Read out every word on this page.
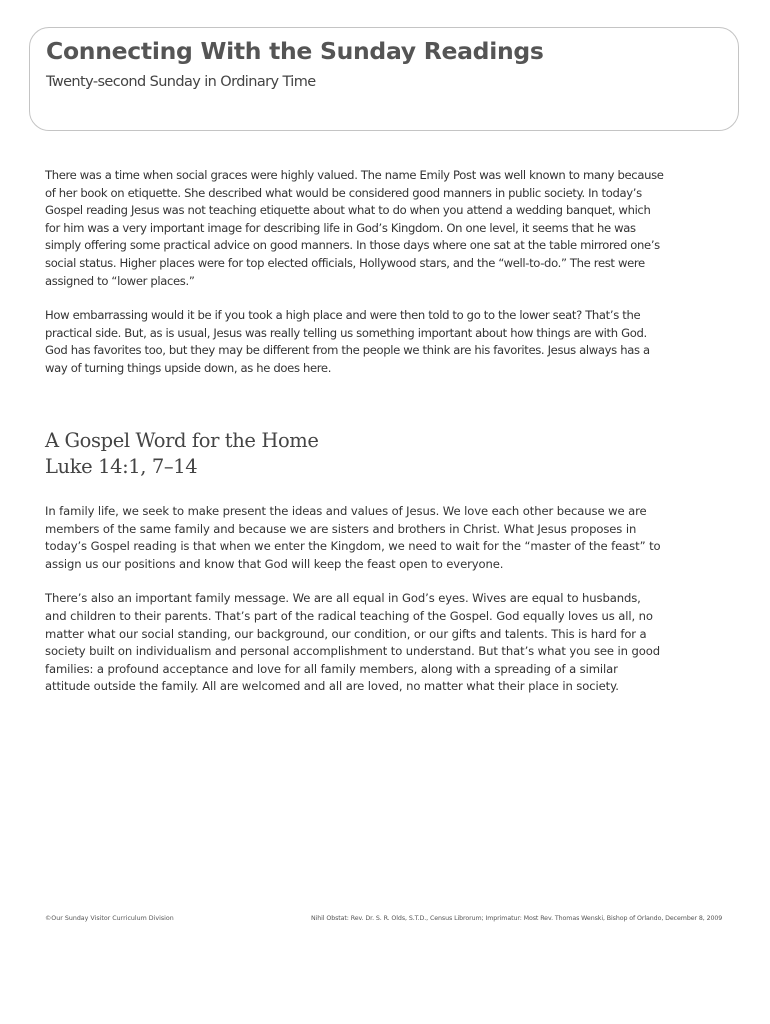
Connecting With the Sunday Readings
Twenty-second Sunday in Ordinary Time

There was a time when social graces were highly valued. The name Emily Post was well known to many because of her book on etiquette. She described what would be considered good manners in public society. In today’s Gospel reading Jesus was not teaching etiquette about what to do when you attend a wedding banquet, which for him was a very important image for describing life in God’s Kingdom. On one level, it seems that he was simply offering some practical advice on good manners. In those days where one sat at the table mirrored one’s social status. Higher places were for top elected officials, Hollywood stars, and the “well-to-do.” The rest were assigned to “lower places.”

How embarrassing would it be if you took a high place and were then told to go to the lower seat? That’s the practical side. But, as is usual, Jesus was really telling us something important about how things are with God. God has favorites too, but they may be different from the people we think are his favorites. Jesus always has a way of turning things upside down, as he does here.

A Gospel Word for the Home
Luke 14:1, 7–14

In family life, we seek to make present the ideas and values of Jesus. We love each other because we are members of the same family and because we are sisters and brothers in Christ. What Jesus proposes in today’s Gospel reading is that when we enter the Kingdom, we need to wait for the “master of the feast” to assign us our positions and know that God will keep the feast open to everyone.

There’s also an important family message. We are all equal in God’s eyes. Wives are equal to husbands, and children to their parents. That’s part of the radical teaching of the Gospel. God equally loves us all, no matter what our social standing, our background, our condition, or our gifts and talents. This is hard for a society built on individualism and personal accomplishment to understand. But that’s what you see in good families: a profound acceptance and love for all family members, along with a spreading of a similar attitude outside the family. All are welcomed and all are loved, no matter what their place in society.

©Our Sunday Visitor Curriculum Division	Nihil Obstat: Rev. Dr. S. R. Olds, S.T.D., Census Librorum; Imprimatur: Most Rev. Thomas Wenski, Bishop of Orlando, December 8, 2009
